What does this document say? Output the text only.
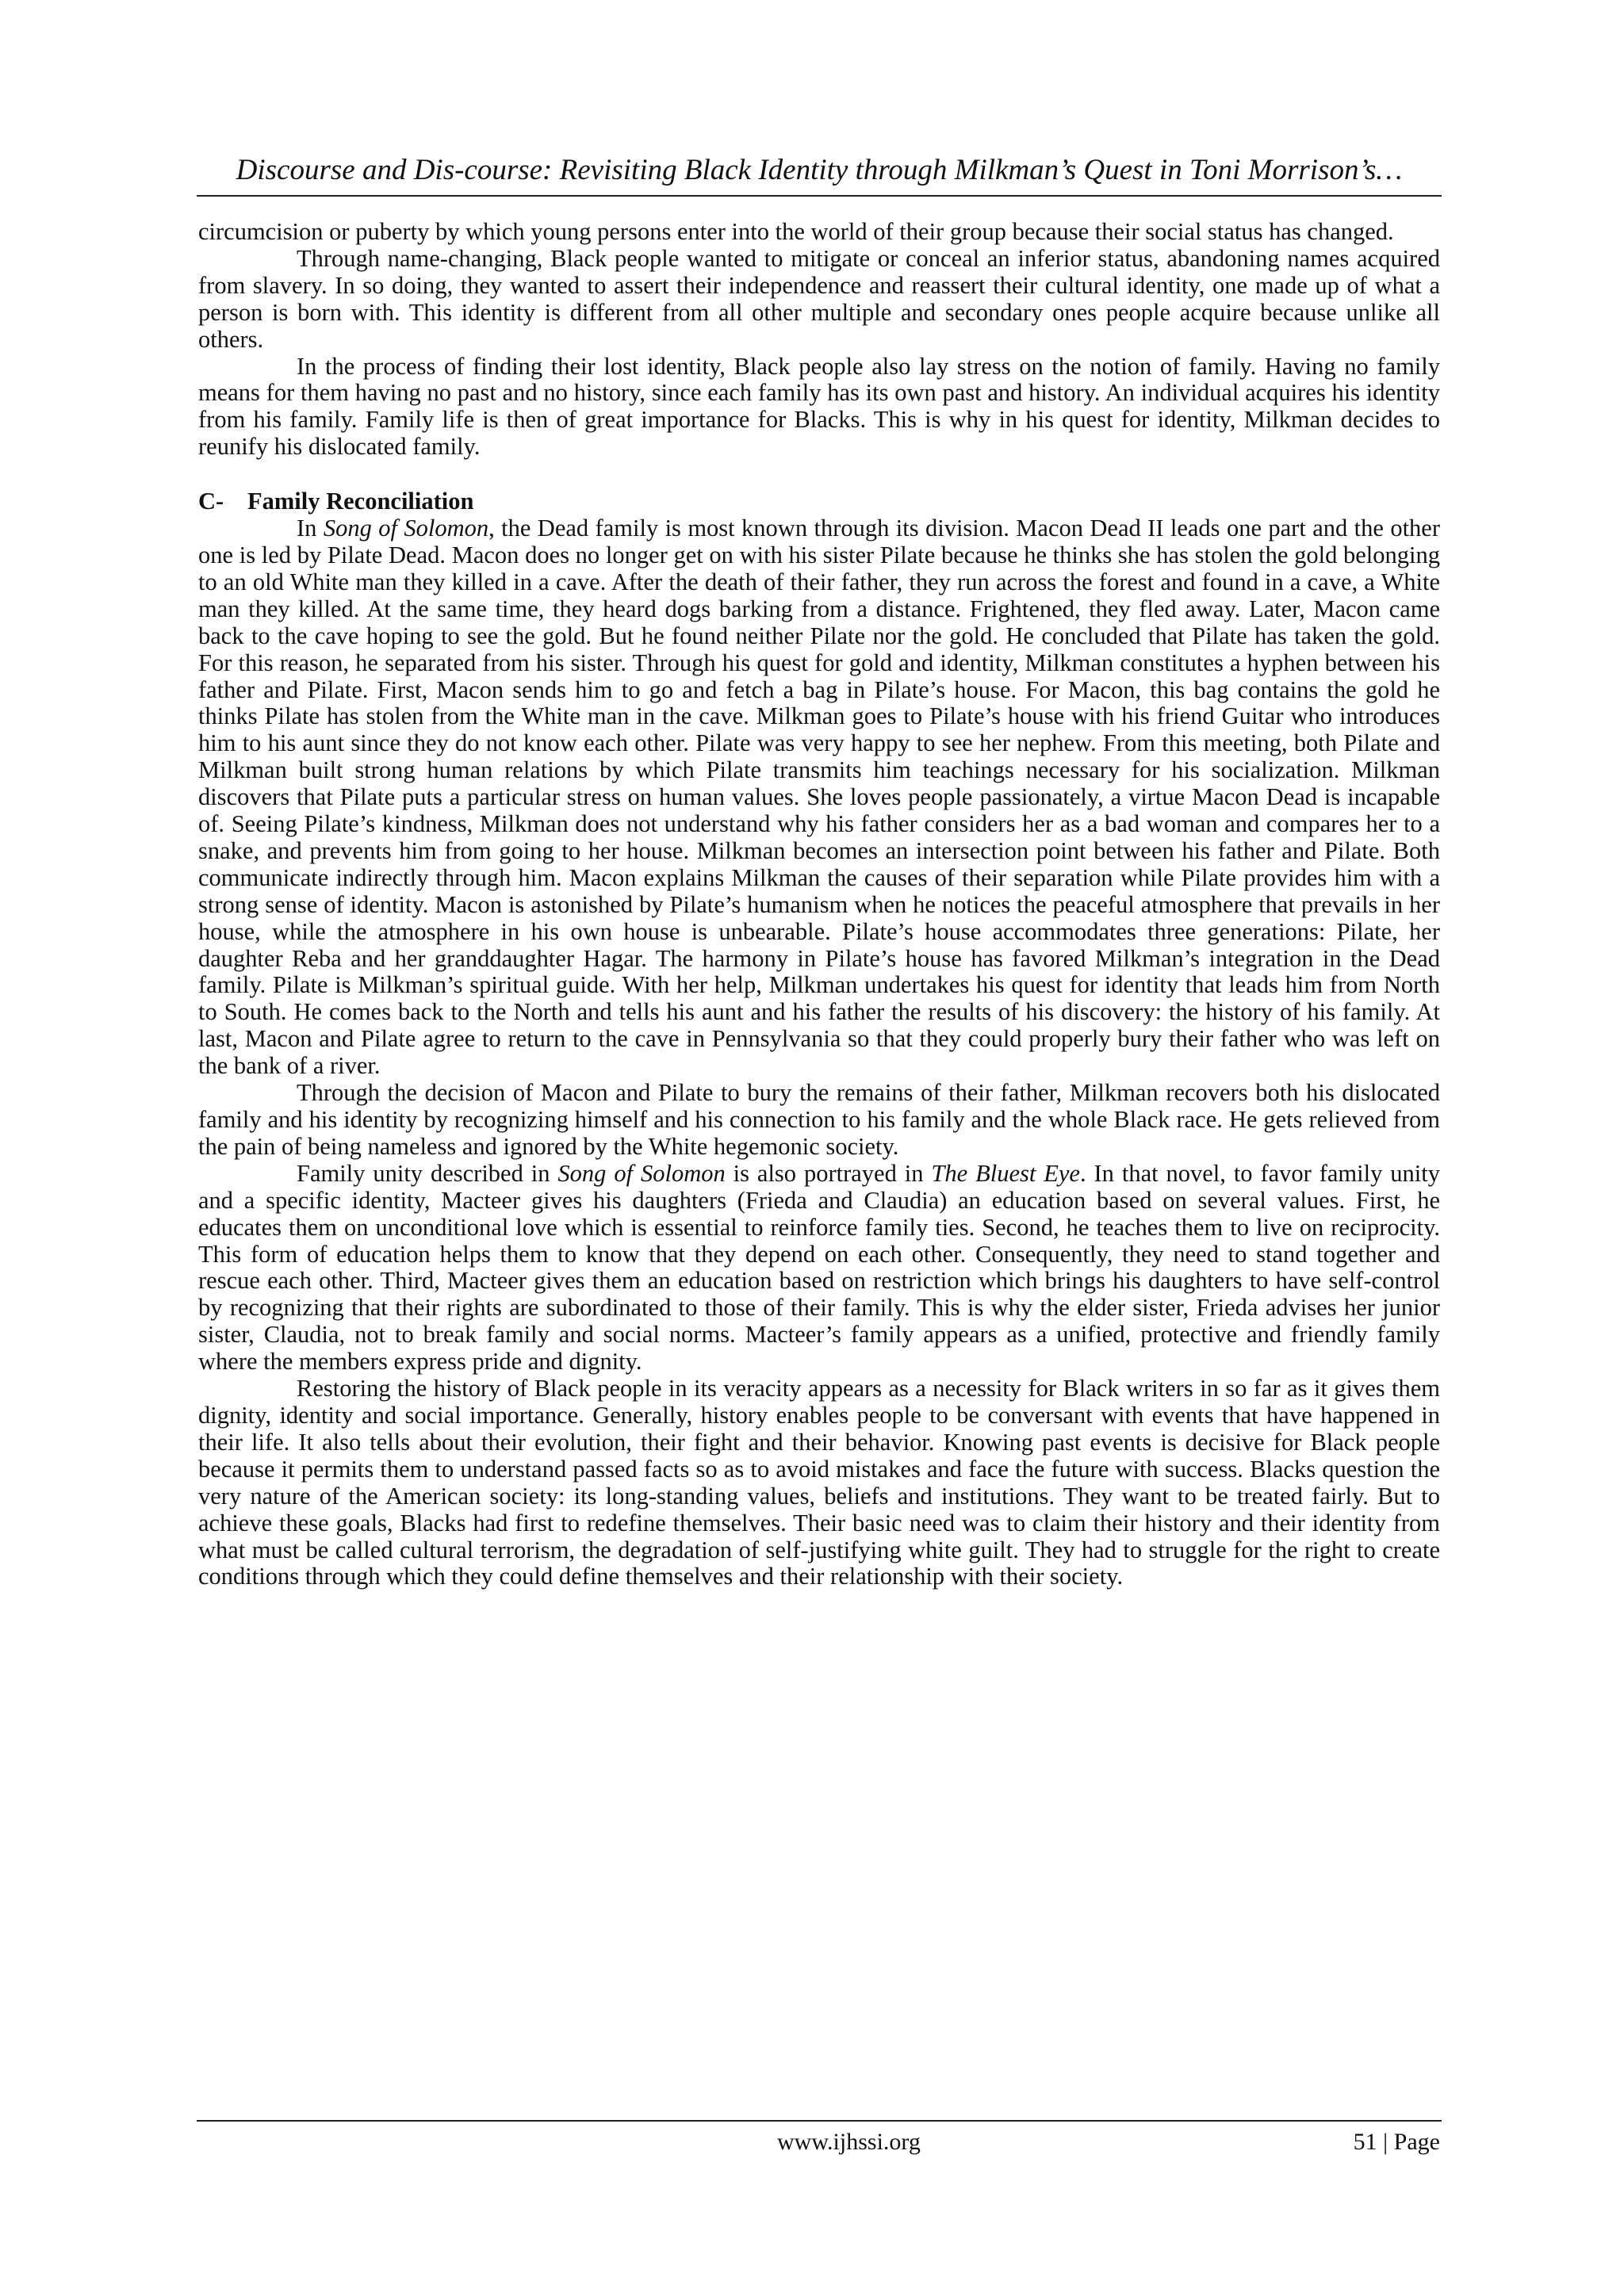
Discourse and Dis-course: Revisiting Black Identity through Milkman’s Quest in Toni Morrison’s…

circumcision or puberty by which young persons enter into the world of their group because their social status has changed.

Through name-changing, Black people wanted to mitigate or conceal an inferior status, abandoning names acquired from slavery. In so doing, they wanted to assert their independence and reassert their cultural identity, one made up of what a person is born with. This identity is different from all other multiple and secondary ones people acquire because unlike all others.

In the process of finding their lost identity, Black people also lay stress on the notion of family. Having no family means for them having no past and no history, since each family has its own past and history. An individual acquires his identity from his family. Family life is then of great importance for Blacks. This is why in his quest for identity, Milkman decides to reunify his dislocated family.

C- Family Reconciliation

In Song of Solomon, the Dead family is most known through its division. Macon Dead II leads one part and the other one is led by Pilate Dead. Macon does no longer get on with his sister Pilate because he thinks she has stolen the gold belonging to an old White man they killed in a cave. After the death of their father, they run across the forest and found in a cave, a White man they killed. At the same time, they heard dogs barking from a distance. Frightened, they fled away. Later, Macon came back to the cave hoping to see the gold. But he found neither Pilate nor the gold. He concluded that Pilate has taken the gold. For this reason, he separated from his sister. Through his quest for gold and identity, Milkman constitutes a hyphen between his father and Pilate. First, Macon sends him to go and fetch a bag in Pilate’s house. For Macon, this bag contains the gold he thinks Pilate has stolen from the White man in the cave. Milkman goes to Pilate’s house with his friend Guitar who introduces him to his aunt since they do not know each other. Pilate was very happy to see her nephew. From this meeting, both Pilate and Milkman built strong human relations by which Pilate transmits him teachings necessary for his socialization. Milkman discovers that Pilate puts a particular stress on human values. She loves people passionately, a virtue Macon Dead is incapable of. Seeing Pilate’s kindness, Milkman does not understand why his father considers her as a bad woman and compares her to a snake, and prevents him from going to her house. Milkman becomes an intersection point between his father and Pilate. Both communicate indirectly through him. Macon explains Milkman the causes of their separation while Pilate provides him with a strong sense of identity. Macon is astonished by Pilate’s humanism when he notices the peaceful atmosphere that prevails in her house, while the atmosphere in his own house is unbearable. Pilate’s house accommodates three generations: Pilate, her daughter Reba and her granddaughter Hagar. The harmony in Pilate’s house has favored Milkman’s integration in the Dead family. Pilate is Milkman’s spiritual guide. With her help, Milkman undertakes his quest for identity that leads him from North to South. He comes back to the North and tells his aunt and his father the results of his discovery: the history of his family. At last, Macon and Pilate agree to return to the cave in Pennsylvania so that they could properly bury their father who was left on the bank of a river.

Through the decision of Macon and Pilate to bury the remains of their father, Milkman recovers both his dislocated family and his identity by recognizing himself and his connection to his family and the whole Black race. He gets relieved from the pain of being nameless and ignored by the White hegemonic society.

Family unity described in Song of Solomon is also portrayed in The Bluest Eye. In that novel, to favor family unity and a specific identity, Macteer gives his daughters (Frieda and Claudia) an education based on several values. First, he educates them on unconditional love which is essential to reinforce family ties. Second, he teaches them to live on reciprocity. This form of education helps them to know that they depend on each other. Consequently, they need to stand together and rescue each other. Third, Macteer gives them an education based on restriction which brings his daughters to have self-control by recognizing that their rights are subordinated to those of their family. This is why the elder sister, Frieda advises her junior sister, Claudia, not to break family and social norms. Macteer’s family appears as a unified, protective and friendly family where the members express pride and dignity.

Restoring the history of Black people in its veracity appears as a necessity for Black writers in so far as it gives them dignity, identity and social importance. Generally, history enables people to be conversant with events that have happened in their life. It also tells about their evolution, their fight and their behavior. Knowing past events is decisive for Black people because it permits them to understand passed facts so as to avoid mistakes and face the future with success. Blacks question the very nature of the American society: its long-standing values, beliefs and institutions. They want to be treated fairly. But to achieve these goals, Blacks had first to redefine themselves. Their basic need was to claim their history and their identity from what must be called cultural terrorism, the degradation of self-justifying white guilt. They had to struggle for the right to create conditions through which they could define themselves and their relationship with their society.

www.ijhssi.org	51 | Page
